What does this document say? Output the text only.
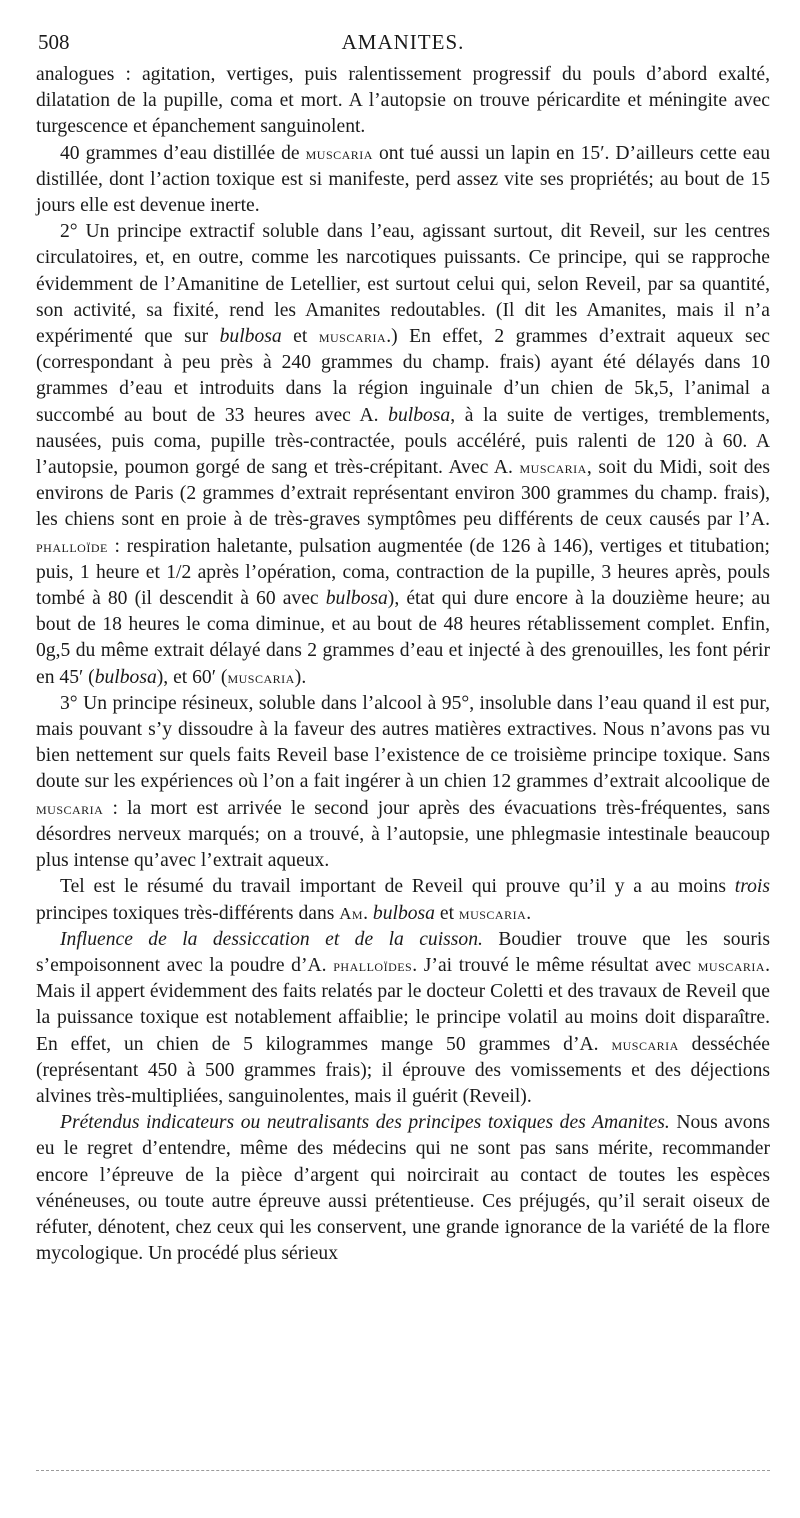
508	AMANITES.

analogues : agitation, vertiges, puis ralentissement progressif du pouls d’abord exalté, dilatation de la pupille, coma et mort. A l’autopsie on trouve péricardite et méningite avec turgescence et épanchement sanguinolent.

40 grammes d’eau distillée de muscaria ont tué aussi un lapin en 15′. D’ailleurs cette eau distillée, dont l’action toxique est si manifeste, perd assez vite ses propriétés; au bout de 15 jours elle est devenue inerte.

2° Un principe extractif soluble dans l’eau, agissant surtout, dit Reveil, sur les centres circulatoires, et, en outre, comme les narcotiques puissants. Ce principe, qui se rapproche évidemment de l’Amanitine de Letellier, est surtout celui qui, selon Reveil, par sa quantité, son activité, sa fixité, rend les Amanites redoutables. (Il dit les Amanites, mais il n’a expérimenté que sur bulbosa et muscaria.) En effet, 2 grammes d’extrait aqueux sec (correspondant à peu près à 240 grammes du champ. frais) ayant été délayés dans 10 grammes d’eau et introduits dans la région inguinale d’un chien de 5k,5, l’animal a succombé au bout de 33 heures avec A. bulbosa, à la suite de vertiges, tremblements, nausées, puis coma, pupille très-contractée, pouls accéléré, puis ralenti de 120 à 60. A l’autopsie, poumon gorgé de sang et très-crépitant. Avec A. muscaria, soit du Midi, soit des environs de Paris (2 grammes d’extrait représentant environ 300 grammes du champ. frais), les chiens sont en proie à de très-graves symptômes peu différents de ceux causés par l’A. phalloïde : respiration haletante, pulsation augmentée (de 126 à 146), vertiges et titubation; puis, 1 heure et 1/2 après l’opération, coma, contraction de la pupille, 3 heures après, pouls tombé à 80 (il descendit à 60 avec bulbosa), état qui dure encore à la douzième heure; au bout de 18 heures le coma diminue, et au bout de 48 heures rétablissement complet. Enfin, 0g,5 du même extrait délayé dans 2 grammes d’eau et injecté à des grenouilles, les font périr en 45′ (bulbosa), et 60′ (muscaria).

3° Un principe résineux, soluble dans l’alcool à 95°, insoluble dans l’eau quand il est pur, mais pouvant s’y dissoudre à la faveur des autres matières extractives. Nous n’avons pas vu bien nettement sur quels faits Reveil base l’existence de ce troisième principe toxique. Sans doute sur les expériences où l’on a fait ingérer à un chien 12 grammes d’extrait alcoolique de muscaria : la mort est arrivée le second jour après des évacuations très-fréquentes, sans désordres nerveux marqués; on a trouvé, à l’autopsie, une phlegmasie intestinale beaucoup plus intense qu’avec l’extrait aqueux.

Tel est le résumé du travail important de Reveil qui prouve qu’il y a au moins trois principes toxiques très-différents dans Am. bulbosa et muscaria.

Influence de la dessiccation et de la cuisson. Boudier trouve que les souris s’empoisonnent avec la poudre d’A. phalloïdes. J’ai trouvé le même résultat avec muscaria. Mais il appert évidemment des faits relatés par le docteur Coletti et des travaux de Reveil que la puissance toxique est notablement affaiblie; le principe volatil au moins doit disparaître. En effet, un chien de 5 kilogrammes mange 50 grammes d’A. muscaria desséchée (représentant 450 à 500 grammes frais); il éprouve des vomissements et des déjections alvines très-multipliées, sanguinolentes, mais il guérit (Reveil).

Prétendus indicateurs ou neutralisants des principes toxiques des Amanites. Nous avons eu le regret d’entendre, même des médecins qui ne sont pas sans mérite, recommander encore l’épreuve de la pièce d’argent qui noircirait au contact de toutes les espèces vénéneuses, ou toute autre épreuve aussi prétentieuse. Ces préjugés, qu’il serait oiseux de réfuter, dénotent, chez ceux qui les conservent, une grande ignorance de la variété de la flore mycologique. Un procédé plus sérieux
